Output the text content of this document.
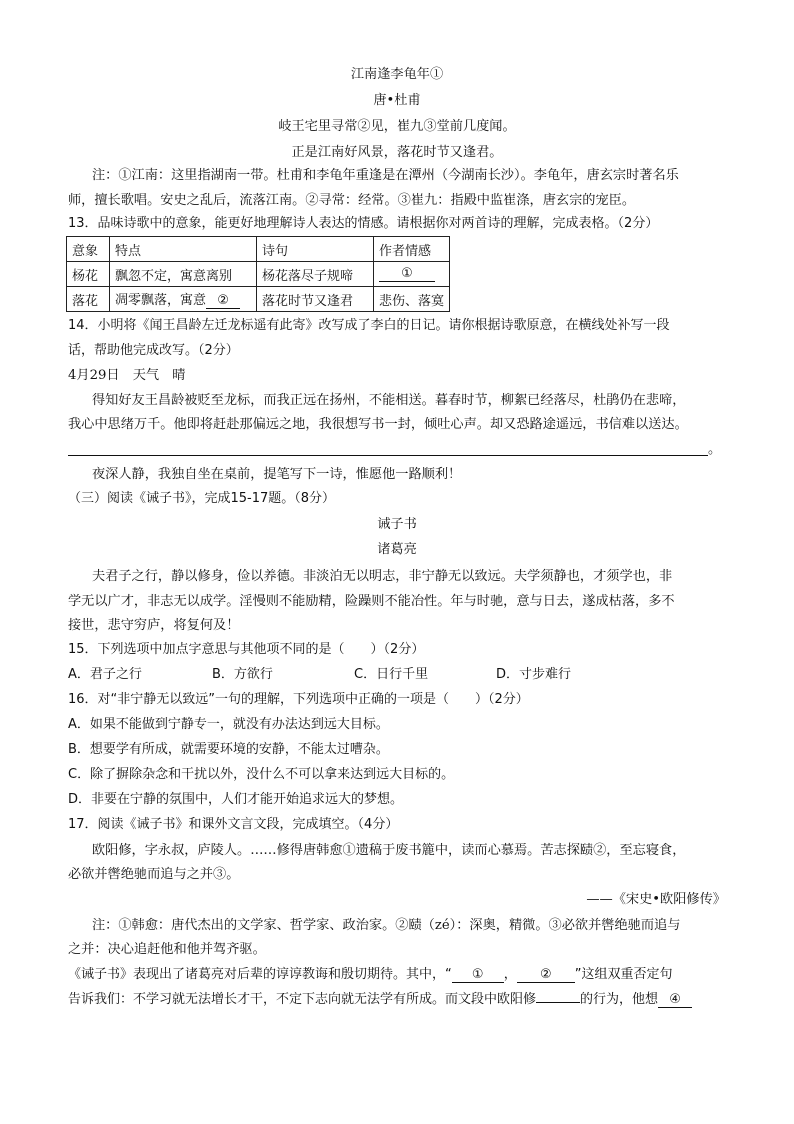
江南逢李龟年①
唐•杜甫
岐王宅里寻常②见，崔九③堂前几度闻。
正是江南好风景，落花时节又逢君。
注：①江南：这里指湖南一带。杜甫和李龟年重逢是在潭州（今湖南长沙）。李龟年，唐玄宗时著名乐
师，擅长歌唱。安史之乱后，流落江南。②寻常：经常。③崔九：指殿中监崔涤，唐玄宗的宠臣。
13．品味诗歌中的意象，能更好地理解诗人表达的情感。请根据你对两首诗的理解，完成表格。（2分）
意象	特点	诗句	作者情感
杨花	飘忽不定，寓意离别	杨花落尽子规啼	①
落花	凋零飘落，寓意 ②	落花时节又逢君	悲伤、落寞
14．小明将《闻王昌龄左迁龙标遥有此寄》改写成了李白的日记。请你根据诗歌原意，在横线处补写一段
话，帮助他完成改写。（2分）
4月29日　天气　晴
得知好友王昌龄被贬至龙标，而我正远在扬州，不能相送。暮春时节，柳絮已经落尽，杜鹃仍在悲啼，
我心中思绪万千。他即将赶赴那偏远之地，我很想写书一封，倾吐心声。却又恐路途遥远，书信难以送达。
。
夜深人静，我独自坐在桌前，提笔写下一诗，惟愿他一路顺利！
（三）阅读《诫子书》，完成15-17题。（8分）
诫子书
诸葛亮
夫君子之行，静以修身，俭以养德。非淡泊无以明志，非宁静无以致远。夫学须静也，才须学也，非
学无以广才，非志无以成学。淫慢则不能励精，险躁则不能冶性。年与时驰，意与日去，遂成枯落，多不
接世，悲守穷庐，将复何及！
15．下列选项中加点字意思与其他项不同的是（　　）（2分）
A．君子之行	B．方欲行	C．日行千里	D．寸步难行
16．对“非宁静无以致远”一句的理解，下列选项中正确的一项是（　　）（2分）
A．如果不能做到宁静专一，就没有办法达到远大目标。
B．想要学有所成，就需要环境的安静，不能太过嘈杂。
C．除了摒除杂念和干扰以外，没什么不可以拿来达到远大目标的。
D．非要在宁静的氛围中，人们才能开始追求远大的梦想。
17．阅读《诫子书》和课外文言文段，完成填空。（4分）
欧阳修，字永叔，庐陵人。……修得唐韩愈①遗稿于废书簏中，读而心慕焉。苦志探赜②，至忘寝食，
必欲并辔绝驰而追与之并③。
——《宋史•欧阳修传》
注：①韩愈：唐代杰出的文学家、哲学家、政治家。②赜（zé）：深奥，精微。③必欲并辔绝驰而追与
之并：决心追赶他和他并驾齐驱。
《诫子书》表现出了诸葛亮对后辈的谆谆教诲和殷切期待。其中，“ ① ， ② ”这组双重否定句
告诉我们：不学习就无法增长才干，不定下志向就无法学有所成。而文段中欧阳修	的行为，他想 ④
